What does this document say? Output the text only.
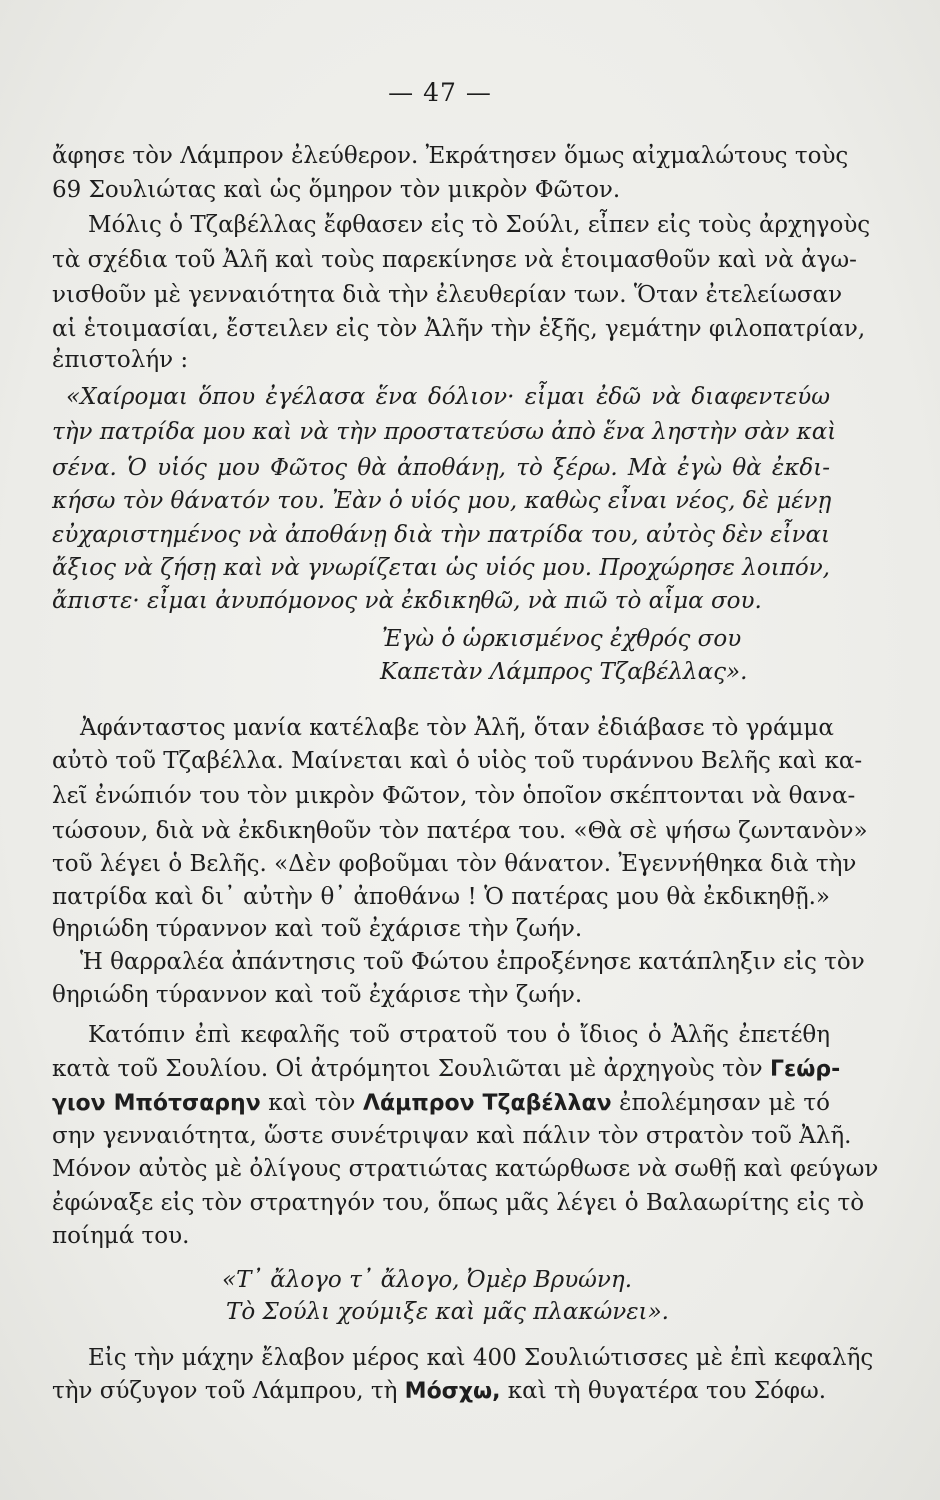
— 47 —
ἄφησε τὸν Λάμπρον ἐλεύθερον. Ἐκράτησεν ὅμως αἰχμαλώτους τοὺς
69 Σουλιώτας καὶ ὡς ὅμηρον τὸν μικρὸν Φῶτον.
Μόλις ὁ Τζαβέλλας ἔφθασεν εἰς τὸ Σούλι, εἶπεν εἰς τοὺς ἀρχηγοὺς
τὰ σχέδια τοῦ Ἀλῆ καὶ τοὺς παρεκίνησε νὰ ἑτοιμασθοῦν καὶ νὰ ἀγω-
νισθοῦν μὲ γενναιότητα διὰ τὴν ἐλευθερίαν των. Ὅταν ἐτελείωσαν
αἱ ἑτοιμασίαι, ἔστειλεν εἰς τὸν Ἀλῆν τὴν ἑξῆς, γεμάτην φιλοπατρίαν,
ἐπιστολήν :
«Χαίρομαι ὅπου ἐγέλασα ἕνα δόλιον· εἶμαι ἐδῶ νὰ διαφεντεύω
τὴν πατρίδα μου καὶ νὰ τὴν προστατεύσω ἀπὸ ἕνα ληστὴν σὰν καὶ
σένα. Ὁ υἱός μου Φῶτος θὰ ἀποθάνῃ, τὸ ξέρω. Μὰ ἐγὼ θὰ ἐκδι-
κήσω τὸν θάνατόν του. Ἐὰν ὁ υἱός μου, καθὼς εἶναι νέος, δὲ μένῃ
εὐχαριστημένος νὰ ἀποθάνῃ διὰ τὴν πατρίδα του, αὐτὸς δὲν εἶναι
ἄξιος νὰ ζήσῃ καὶ νὰ γνωρίζεται ὡς υἱός μου. Προχώρησε λοιπόν,
ἄπιστε· εἶμαι ἀνυπόμονος νὰ ἐκδικηθῶ, νὰ πιῶ τὸ αἷμα σου.
Ἐγὼ ὁ ὡρκισμένος ἐχθρός σου
Καπετὰν Λάμπρος Τζαβέλλας».
Ἀφάνταστος μανία κατέλαβε τὸν Ἀλῆ, ὅταν ἐδιάβασε τὸ γράμμα
αὐτὸ τοῦ Τζαβέλλα. Μαίνεται καὶ ὁ υἱὸς τοῦ τυράννου Βελῆς καὶ κα-
λεῖ ἐνώπιόν του τὸν μικρὸν Φῶτον, τὸν ὁποῖον σκέπτονται νὰ θανα-
τώσουν, διὰ νὰ ἐκδικηθοῦν τὸν πατέρα του. «Θὰ σὲ ψήσω ζωντανὸν»
τοῦ λέγει ὁ Βελῆς. «Δὲν φοβοῦμαι τὸν θάνατον. Ἐγεννήθηκα διὰ τὴν
πατρίδα καὶ δι᾿ αὐτὴν θ᾿ ἀποθάνω ! Ὁ πατέρας μου θὰ ἐκδικηθῇ.»
θηριώδη τύραννον καὶ τοῦ ἐχάρισε τὴν ζωήν.
Ἡ θαρραλέα ἀπάντησις τοῦ Φώτου ἐπροξένησε κατάπληξιν εἰς τὸν
θηριώδη τύραννον καὶ τοῦ ἐχάρισε τὴν ζωήν.
Κατόπιν ἐπὶ κεφαλῆς τοῦ στρατοῦ του ὁ ἴδιος ὁ Ἀλῆς ἐπετέθη
κατὰ τοῦ Σουλίου. Οἱ ἀτρόμητοι Σουλιῶται μὲ ἀρχηγοὺς τὸν Γεώρ-
γιον Μπότσαρην καὶ τὸν Λάμπρον Τζαβέλλαν ἐπολέμησαν μὲ τό
σην γενναιότητα, ὥστε συνέτριψαν καὶ πάλιν τὸν στρατὸν τοῦ Ἀλῆ.
Μόνον αὐτὸς μὲ ὀλίγους στρατιώτας κατώρθωσε νὰ σωθῇ καὶ φεύγων
ἐφώναξε εἰς τὸν στρατηγόν του, ὅπως μᾶς λέγει ὁ Βαλαωρίτης εἰς τὸ
ποίημά του.
«Τ᾿ ἄλογο τ᾿ ἄλογο, Ὀμὲρ Βρυώνη.
Τὸ Σούλι χούμιξε καὶ μᾶς πλακώνει».
Εἰς τὴν μάχην ἔλαβον μέρος καὶ 400 Σουλιώτισσες μὲ ἐπὶ κεφαλῆς
τὴν σύζυγον τοῦ Λάμπρου, τὴ Μόσχω, καὶ τὴ θυγατέρα του Σόφω.
